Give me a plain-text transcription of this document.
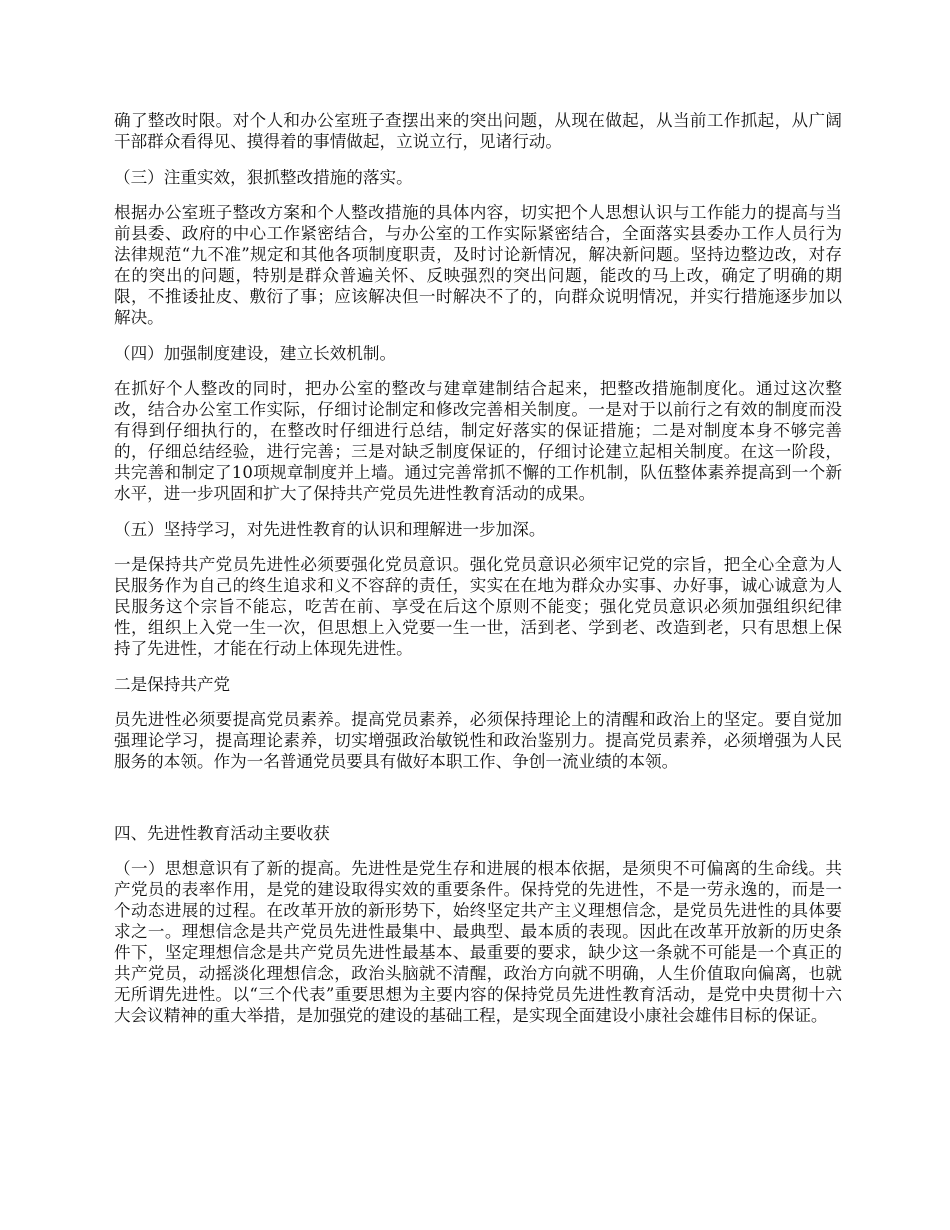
确了整改时限。对个人和办公室班子查摆出来的突出问题，从现在做起，从当前工作抓起，从广阔干部群众看得见、摸得着的事情做起，立说立行，见诸行动。

（三）注重实效，狠抓整改措施的落实。

根据办公室班子整改方案和个人整改措施的具体内容，切实把个人思想认识与工作能力的提高与当前县委、政府的中心工作紧密结合，与办公室的工作实际紧密结合，全面落实县委办工作人员行为法律规范“九不准”规定和其他各项制度职责，及时讨论新情况，解决新问题。坚持边整边改，对存在的突出的问题，特别是群众普遍关怀、反映强烈的突出问题，能改的马上改，确定了明确的期限，不推诿扯皮、敷衍了事；应该解决但一时解决不了的，向群众说明情况，并实行措施逐步加以解决。

（四）加强制度建设，建立长效机制。

在抓好个人整改的同时，把办公室的整改与建章建制结合起来，把整改措施制度化。通过这次整改，结合办公室工作实际，仔细讨论制定和修改完善相关制度。一是对于以前行之有效的制度而没有得到仔细执行的，在整改时仔细进行总结，制定好落实的保证措施；二是对制度本身不够完善的，仔细总结经验，进行完善；三是对缺乏制度保证的，仔细讨论建立起相关制度。在这一阶段，共完善和制定了10项规章制度并上墙。通过完善常抓不懈的工作机制，队伍整体素养提高到一个新水平，进一步巩固和扩大了保持共产党员先进性教育活动的成果。

（五）坚持学习，对先进性教育的认识和理解进一步加深。

一是保持共产党员先进性必须要强化党员意识。强化党员意识必须牢记党的宗旨，把全心全意为人民服务作为自己的终生追求和义不容辞的责任，实实在在地为群众办实事、办好事，诚心诚意为人民服务这个宗旨不能忘，吃苦在前、享受在后这个原则不能变；强化党员意识必须加强组织纪律性，组织上入党一生一次，但思想上入党要一生一世，活到老、学到老、改造到老，只有思想上保持了先进性，才能在行动上体现先进性。

二是保持共产党

员先进性必须要提高党员素养。提高党员素养，必须保持理论上的清醒和政治上的坚定。要自觉加强理论学习，提高理论素养，切实增强政治敏锐性和政治鉴别力。提高党员素养，必须增强为人民服务的本领。作为一名普通党员要具有做好本职工作、争创一流业绩的本领。

四、先进性教育活动主要收获

（一）思想意识有了新的提高。先进性是党生存和进展的根本依据，是须臾不可偏离的生命线。共产党员的表率作用，是党的建设取得实效的重要条件。保持党的先进性，不是一劳永逸的，而是一个动态进展的过程。在改革开放的新形势下，始终坚定共产主义理想信念，是党员先进性的具体要求之一。理想信念是共产党员先进性最集中、最典型、最本质的表现。因此在改革开放新的历史条件下，坚定理想信念是共产党员先进性最基本、最重要的要求，缺少这一条就不可能是一个真正的共产党员，动摇淡化理想信念，政治头脑就不清醒，政治方向就不明确，人生价值取向偏离，也就无所谓先进性。以“三个代表”重要思想为主要内容的保持党员先进性教育活动，是党中央贯彻十六大会议精神的重大举措，是加强党的建设的基础工程，是实现全面建设小康社会雄伟目标的保证。
